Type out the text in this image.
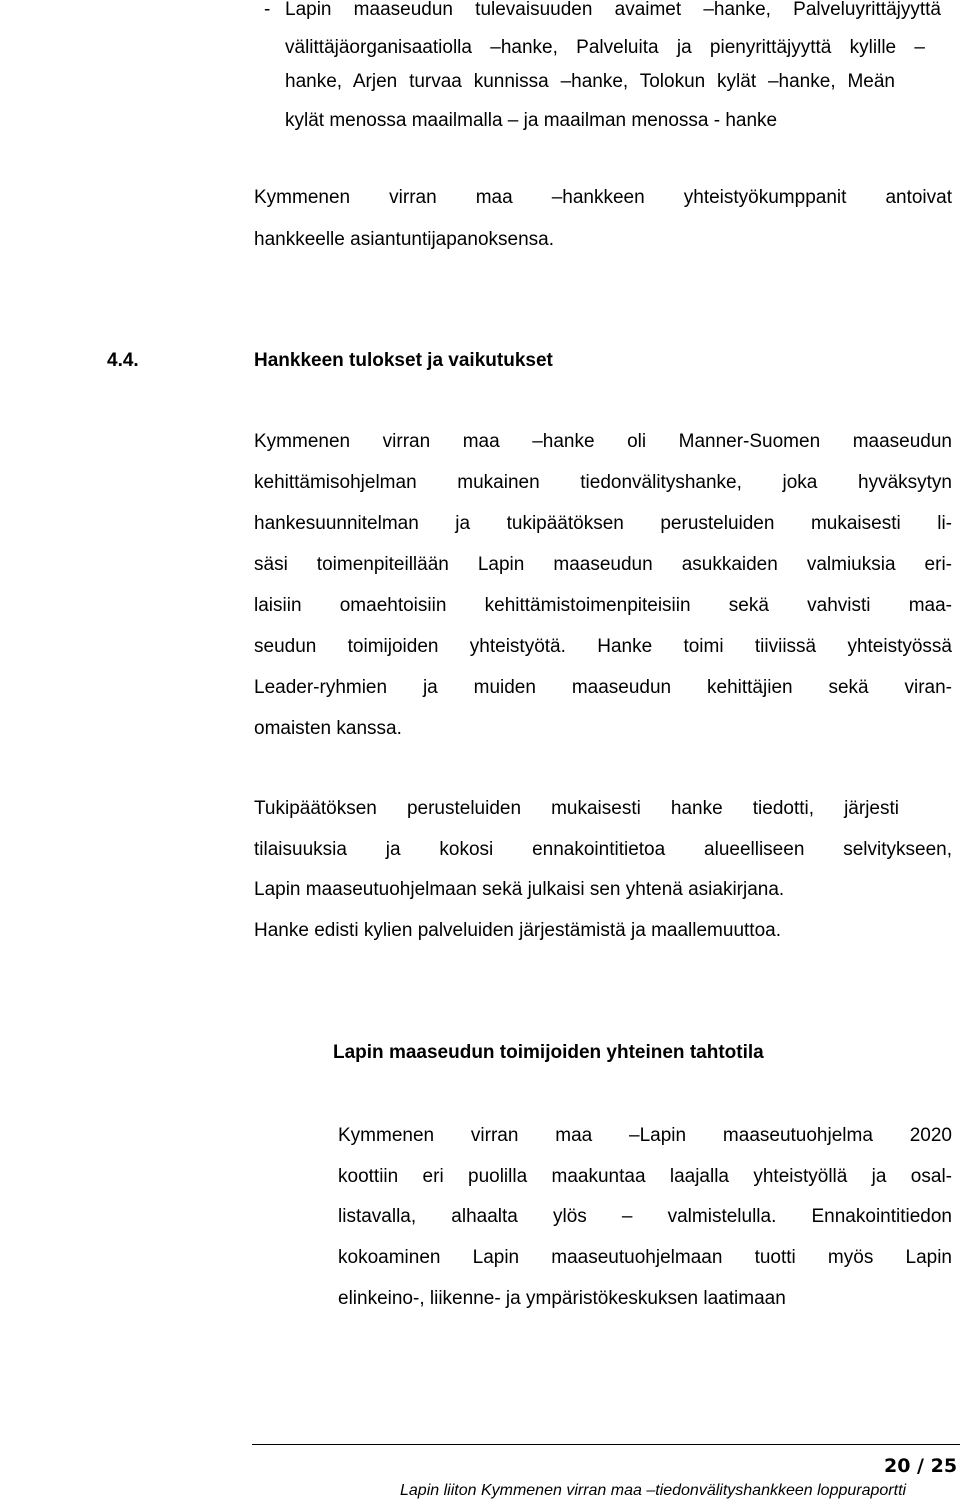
- Lapin maaseudun tulevaisuuden avaimet –hanke, Palveluyrittäjyyttä
välittäjäorganisaatiolla –hanke, Palveluita ja pienyrittäjyyttä kylille –
hanke, Arjen turvaa kunnissa –hanke, Tolokun kylät –hanke, Meän
kylät menossa maailmalla – ja maailman menossa - hanke
Kymmenen virran maa –hankkeen yhteistyökumppanit antoivat
hankkeelle asiantuntijapanoksensa.
4.4.	Hankkeen tulokset ja vaikutukset
Kymmenen virran maa –hanke oli Manner-Suomen maaseudun
kehittämisohjelman mukainen tiedonvälityshanke, joka hyväksytyn
hankesuunnitelman ja tukipäätöksen perusteluiden mukaisesti li-
säsi toimenpiteillään Lapin maaseudun asukkaiden valmiuksia eri-
laisiin omaehtoisiin kehittämistoimenpiteisiin sekä vahvisti maa-
seudun toimijoiden yhteistyötä. Hanke toimi tiiviissä yhteistyössä
Leader-ryhmien ja muiden maaseudun kehittäjien sekä viran-
omaisten kanssa.
Tukipäätöksen perusteluiden mukaisesti hanke tiedotti, järjesti
tilaisuuksia ja kokosi ennakointitietoa alueelliseen selvitykseen,
Lapin maaseutuohjelmaan sekä julkaisi sen yhtenä asiakirjana.
Hanke edisti kylien palveluiden järjestämistä ja maallemuuttoa.
Lapin maaseudun toimijoiden yhteinen tahtotila
Kymmenen virran maa –Lapin maaseutuohjelma 2020
koottiin eri puolilla maakuntaa laajalla yhteistyöllä ja osal-
listavalla, alhaalta ylös – valmistelulla. Ennakointitiedon
kokoaminen Lapin maaseutuohjelmaan tuotti myös Lapin
elinkeino-, liikenne- ja ympäristökeskuksen laatimaan
20 / 25
Lapin liiton Kymmenen virran maa –tiedonvälityshankkeen loppuraportti
